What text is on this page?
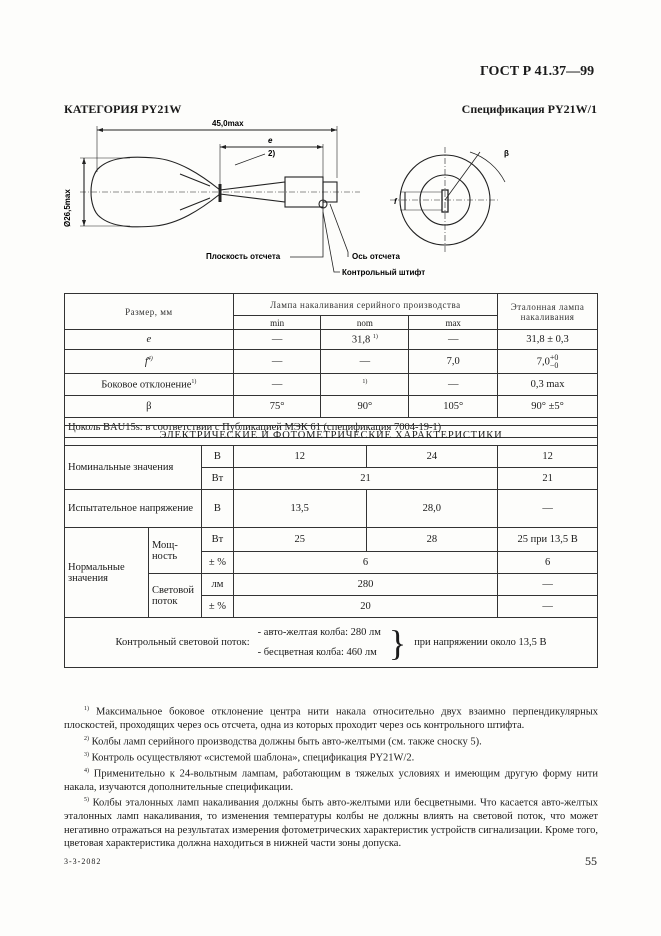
ГОСТ Р 41.37—99
КАТЕГОРИЯ PY21W	Спецификация PY21W/1
45,0max
e
2)
Ø26,5max
β
f
Плоскость отсчета	Ось отсчета
Контрольный штифт
Размер, мм	Лампа накаливания серийного производства			Эталонная лампа накаливания
	min	nom	max	
e	—	31,8 $^{1)}$	—	31,8 ± 0,3
$f^{4)}$	—	—	7,0	7,0+0
−0
Боковое отклонение$^{1)}$	—	$^{1)}$	—	0,3 max
β	75°	90°	105°	90° ±5°
Цоколь BAU15s: в соответствии с Публикацией МЭК 61 (спецификация 7004-19-1)				
ЭЛЕКТРИЧЕСКИЕ И ФОТОМЕТРИЧЕСКИЕ ХАРАКТЕРИСТИКИ					
Номинальные значения		В	12	24	12
		Вт	21		21
Испытательное напряжение		В	13,5	28,0	—
Нормальные значения	Мощ-ность	Вт	25	28	25 при 13,5 В
		± %	6		6
	Световой поток	лм	280		—
		± %	20		—

Контрольный световой поток:
- авто-желтая колба: 280 лм
- бесцветная колба: 460 лм } при напряжении около 13,5 В					

$^{1)}$ Максимальное боковое отклонение центра нити накала относительно двух взаимно перпендикулярных плоскостей, проходящих через ось отсчета, одна из которых проходит через ось контрольного штифта.

$^{2)}$ Колбы ламп серийного производства должны быть авто-желтыми (см. также сноску 5).

$^{3)}$ Контроль осуществляют «системой шаблона», спецификация PY21W/2.

$^{4)}$ Применительно к 24-вольтным лампам, работающим в тяжелых условиях и имеющим другую форму нити накала, изучаются дополнительные спецификации.

$^{5)}$ Колбы эталонных ламп накаливания должны быть авто-желтыми или бесцветными. Что касается авто-желтых эталонных ламп накаливания, то изменения температуры колбы не должны влиять на световой поток, что может негативно отражаться на результатах измерения фотометрических характеристик устройств сигнализации. Кроме того, цветовая характеристика должна находиться в нижней части зоны допуска.

3-3-2082	55
